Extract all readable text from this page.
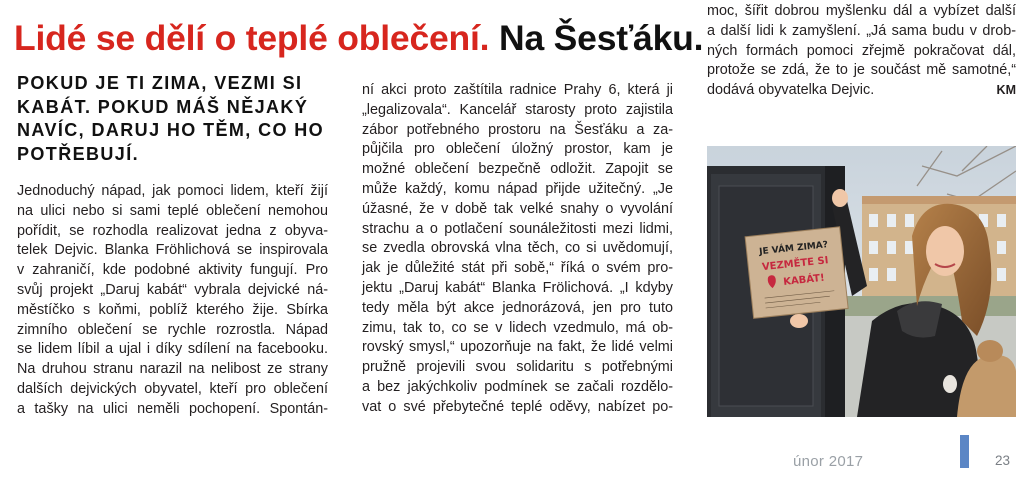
Lidé se dělí o teplé oblečení. Na Šesťáku.
POKUD JE TI ZIMA, VEZMI SI
KABÁT. POKUD MÁŠ NĚJAKÝ
NAVÍC, DARUJ HO TĚM, CO HO
POTŘEBUJÍ.
Jednoduchý nápad, jak pomoci lidem, kteří žijí
na ulici nebo si sami teplé oblečení nemohou
pořídit, se rozhodla realizovat jedna z obyva-
telek Dejvic. Blanka Fröhlichová se inspirovala
v zahraničí, kde podobné aktivity fungují. Pro
svůj projekt „Daruj kabát“ vybrala dejvické ná-
městíčko s koňmi, poblíž kterého žije. Sbírka
zimního oblečení se rychle rozrostla. Nápad
se lidem líbil a ujal i díky sdílení na facebooku.
Na druhou stranu narazil na nelibost ze strany
dalších dejvických obyvatel, kteří pro oblečení
a tašky na ulici neměli pochopení. Spontán-
ní akci proto zaštítila radnice Prahy 6, která ji
„legalizovala“. Kancelář starosty proto zajistila
zábor potřebného prostoru na Šesťáku a za-
půjčila pro oblečení úložný prostor, kam je
možné oblečení bezpečně odložit. Zapojit se
může každý, komu nápad přijde užitečný. „Je
úžasné, že v době tak velké snahy o vyvolání
strachu a o potlačení sounáležitosti mezi lidmi,
se zvedla obrovská vlna těch, co si uvědomují,
jak je důležité stát při sobě,“ říká o svém pro-
jektu „Daruj kabát“ Blanka Frölichová. „I kdyby
tedy měla být akce jednorázová, jen pro tuto
zimu, tak to, co se v lidech vzedmulo, má ob-
rovský smysl,“ upozorňuje na fakt, že lidé velmi
pružně projevili svou solidaritu s potřebnými
a bez jakýchkoliv podmínek se začali rozdělo-
vat o své přebytečné teplé oděvy, nabízet po-
moc, šířit dobrou myšlenku dál a vybízet další
a další lidi k zamyšlení. „Já sama budu v drob-
ných formách pomoci zřejmě pokračovat dál,
protože se zdá, že to je součást mě samotné,“
dodává obyvatelka Dejvic.	KM
JE VÁM ZIMA?
VEZMĚTE SI
KABÁT!
únor 2017	23
